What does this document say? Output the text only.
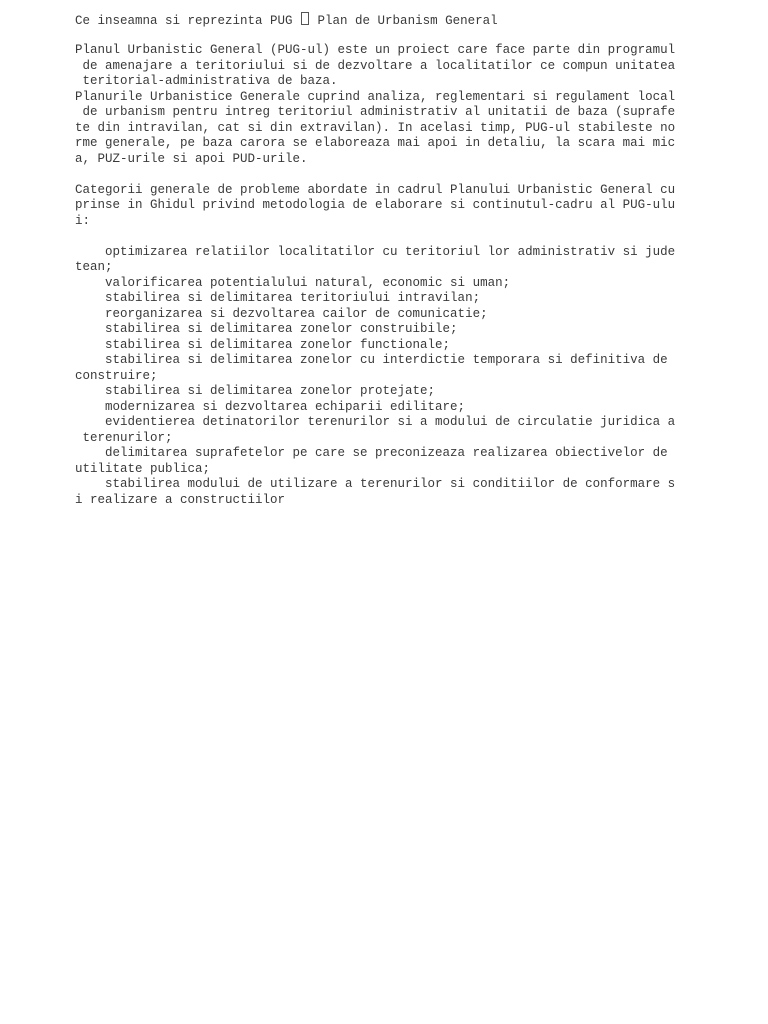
Ce inseamna si reprezinta PUG  Plan de Urbanism General
Planul Urbanistic General (PUG-ul) este un proiect care face parte din programul
de amenajare a teritoriului si de dezvoltare a localitatilor ce compun unitatea
teritorial-administrativa de baza.
Planurile Urbanistice Generale cuprind analiza, reglementari si regulament local
de urbanism pentru intreg teritoriul administrativ al unitatii de baza (suprafe
te din intravilan, cat si din extravilan). In acelasi timp, PUG-ul stabileste no
rme generale, pe baza carora se elaboreaza mai apoi in detaliu, la scara mai mic
a, PUZ-urile si apoi PUD-urile.
Categorii generale de probleme abordate in cadrul Planului Urbanistic General cu
prinse in Ghidul privind metodologia de elaborare si continutul-cadru al PUG-ulu
i:
optimizarea relatiilor localitatilor cu teritoriul lor administrativ si jude
tean;
valorificarea potentialului natural, economic si uman;
stabilirea si delimitarea teritoriului intravilan;
reorganizarea si dezvoltarea cailor de comunicatie;
stabilirea si delimitarea zonelor construibile;
stabilirea si delimitarea zonelor functionale;
stabilirea si delimitarea zonelor cu interdictie temporara si definitiva de
construire;
stabilirea si delimitarea zonelor protejate;
modernizarea si dezvoltarea echiparii edilitare;
evidentierea detinatorilor terenurilor si a modului de circulatie juridica a
terenurilor;
delimitarea suprafetelor pe care se preconizeaza realizarea obiectivelor de
utilitate publica;
stabilirea modului de utilizare a terenurilor si conditiilor de conformare s
i realizare a constructiilor
